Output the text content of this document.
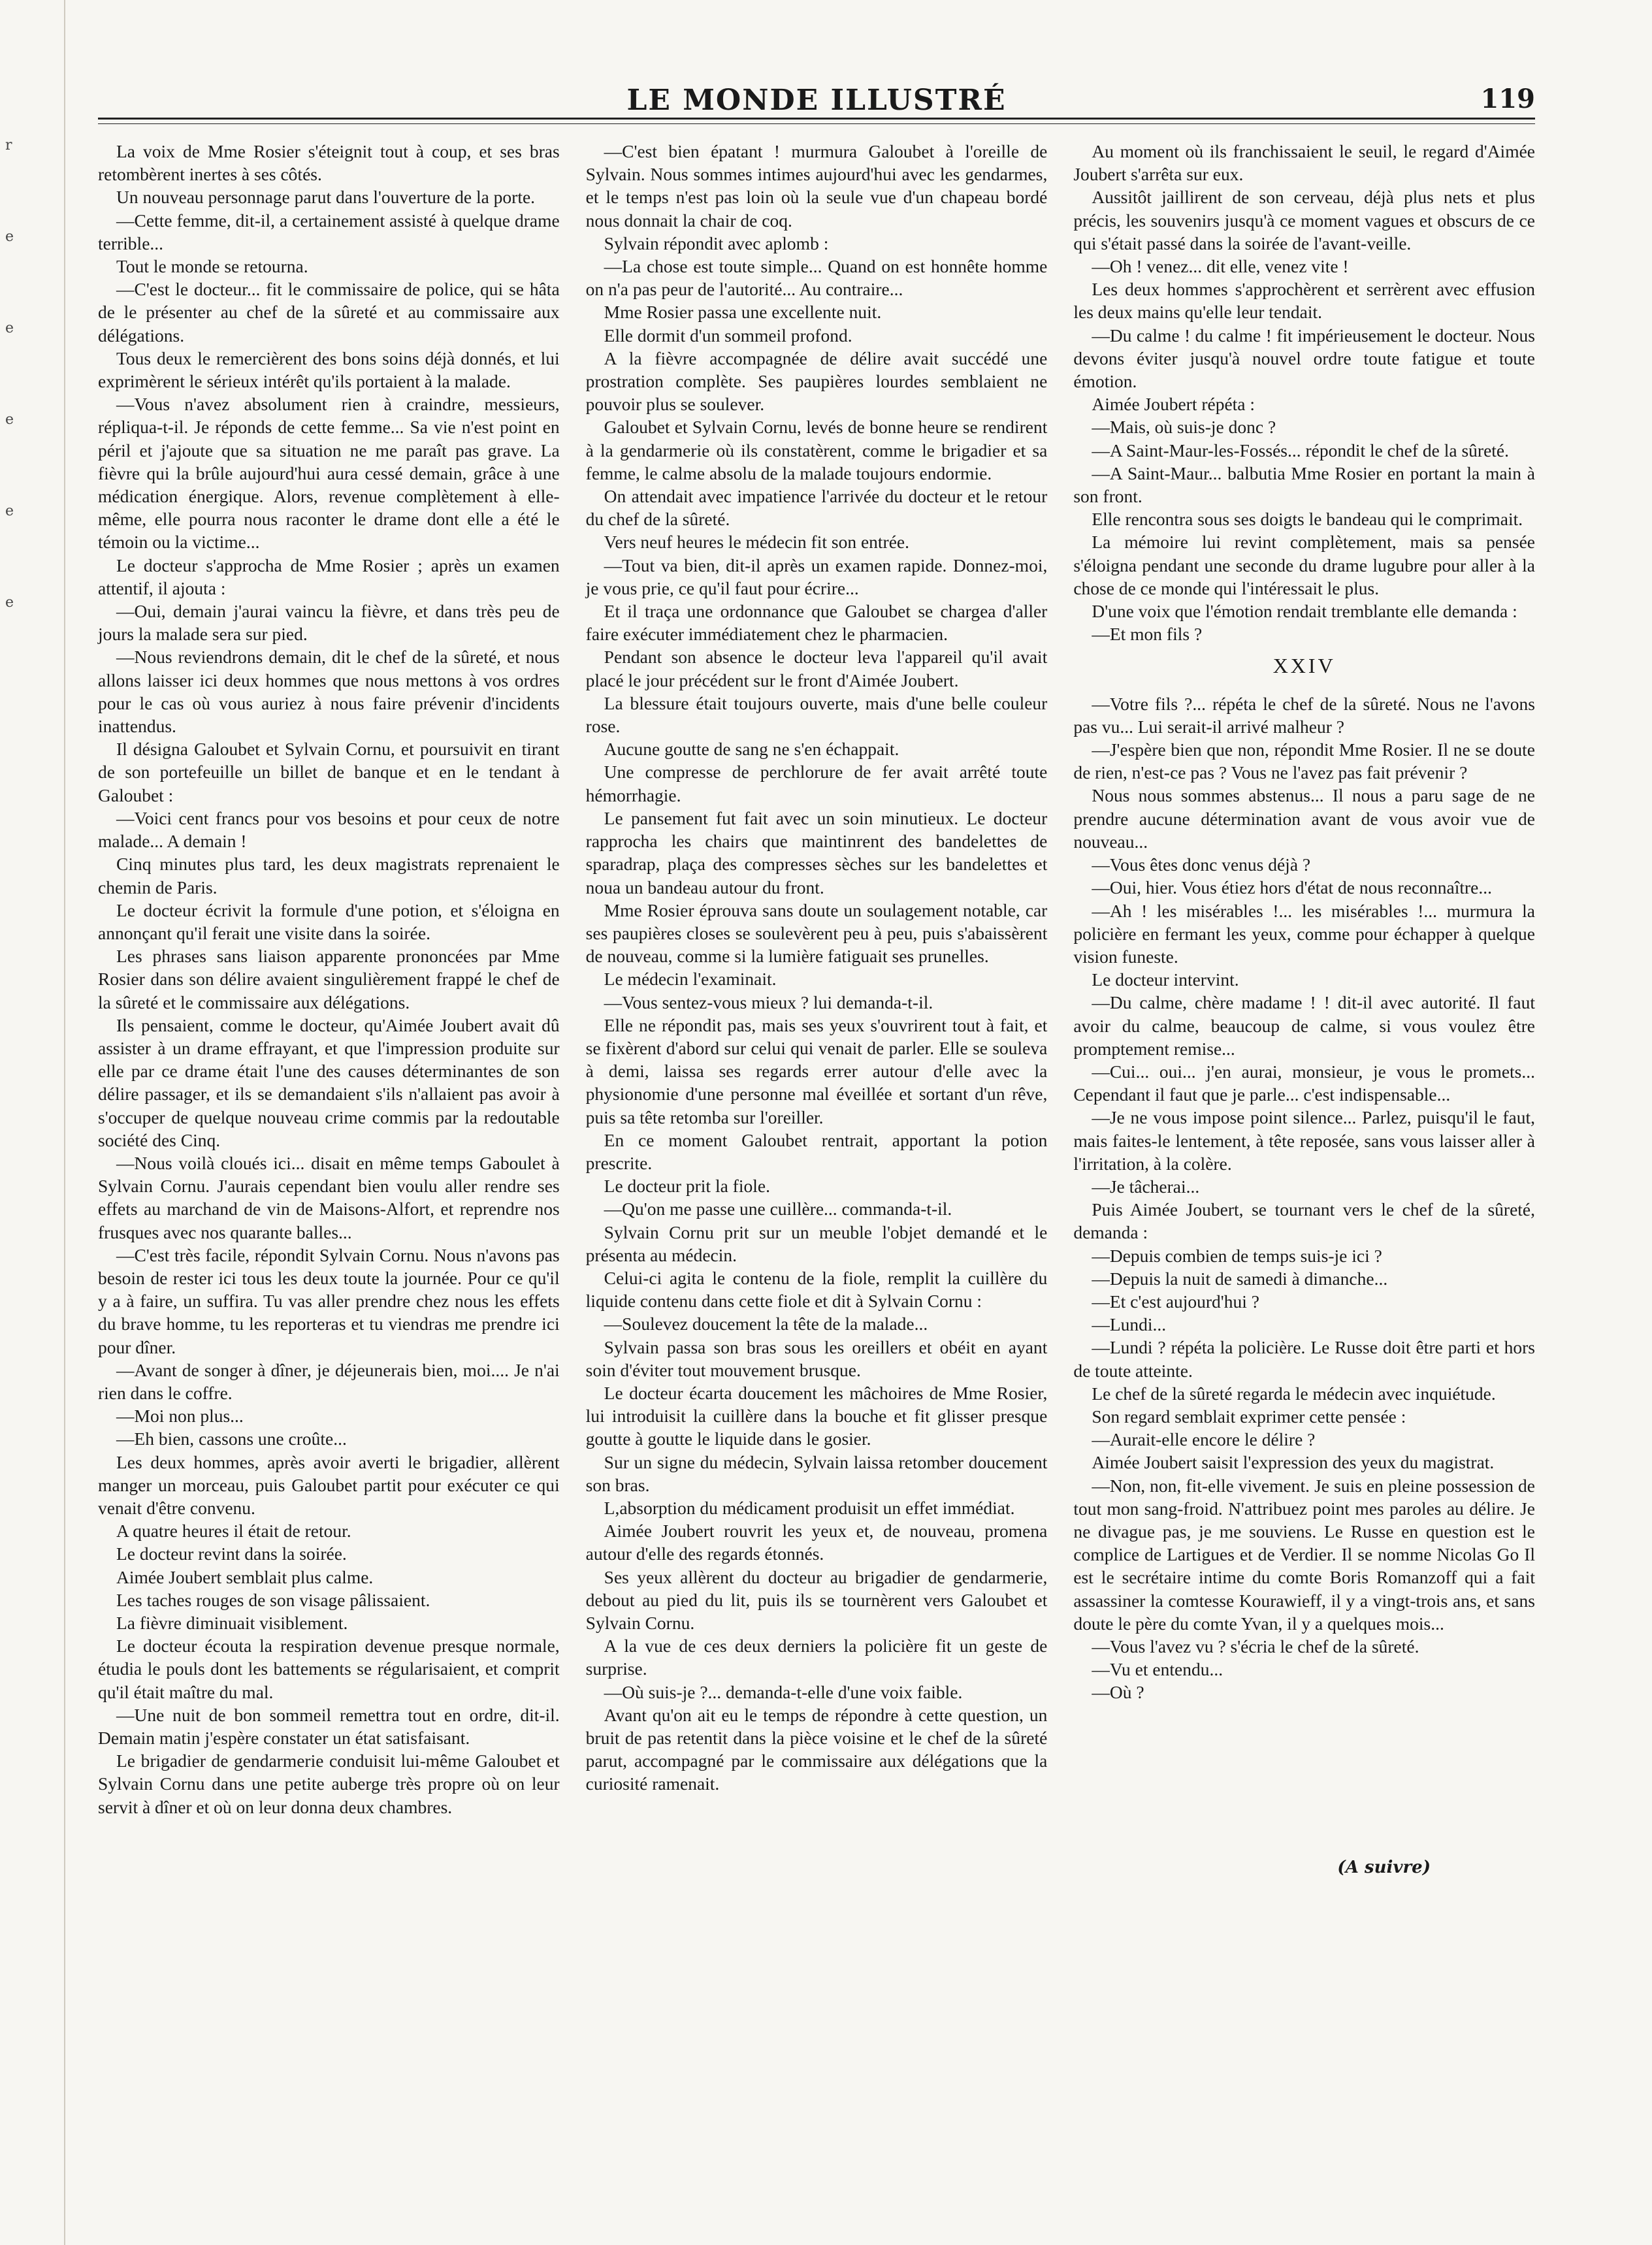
r
e
e
e
e
e
LE MONDE ILLUSTRÉ	119

La voix de Mme Rosier s'éteignit tout à coup, et ses bras retombèrent inertes à ses côtés.

Un nouveau personnage parut dans l'ouverture de la porte.

—Cette femme, dit-il, a certainement assisté à quelque drame terrible...

Tout le monde se retourna.

—C'est le docteur... fit le commissaire de police, qui se hâta de le présenter au chef de la sûreté et au commissaire aux délégations.

Tous deux le remercièrent des bons soins déjà donnés, et lui exprimèrent le sérieux intérêt qu'ils portaient à la malade.

—Vous n'avez absolument rien à craindre, messieurs, répliqua-t-il. Je réponds de cette femme... Sa vie n'est point en péril et j'ajoute que sa situation ne me paraît pas grave. La fièvre qui la brûle aujourd'hui aura cessé demain, grâce à une médication énergique. Alors, revenue complètement à elle-même, elle pourra nous raconter le drame dont elle a été le témoin ou la victime...

Le docteur s'approcha de Mme Rosier ; après un examen attentif, il ajouta :

—Oui, demain j'aurai vaincu la fièvre, et dans très peu de jours la malade sera sur pied.

—Nous reviendrons demain, dit le chef de la sûreté, et nous allons laisser ici deux hommes que nous mettons à vos ordres pour le cas où vous auriez à nous faire prévenir d'incidents inattendus.

Il désigna Galoubet et Sylvain Cornu, et poursuivit en tirant de son portefeuille un billet de banque et en le tendant à Galoubet :

—Voici cent francs pour vos besoins et pour ceux de notre malade... A demain !

Cinq minutes plus tard, les deux magistrats reprenaient le chemin de Paris.

Le docteur écrivit la formule d'une potion, et s'éloigna en annonçant qu'il ferait une visite dans la soirée.

Les phrases sans liaison apparente prononcées par Mme Rosier dans son délire avaient singulièrement frappé le chef de la sûreté et le commissaire aux délégations.

Ils pensaient, comme le docteur, qu'Aimée Joubert avait dû assister à un drame effrayant, et que l'impression produite sur elle par ce drame était l'une des causes déterminantes de son délire passager, et ils se demandaient s'ils n'allaient pas avoir à s'occuper de quelque nouveau crime commis par la redoutable société des Cinq.

—Nous voilà cloués ici... disait en même temps Gaboulet à Sylvain Cornu. J'aurais cependant bien voulu aller rendre ses effets au marchand de vin de Maisons-Alfort, et reprendre nos frusques avec nos quarante balles...

—C'est très facile, répondit Sylvain Cornu. Nous n'avons pas besoin de rester ici tous les deux toute la journée. Pour ce qu'il y a à faire, un suffira. Tu vas aller prendre chez nous les effets du brave homme, tu les reporteras et tu viendras me prendre ici pour dîner.

—Avant de songer à dîner, je déjeunerais bien, moi.... Je n'ai rien dans le coffre.

—Moi non plus...

—Eh bien, cassons une croûte...

Les deux hommes, après avoir averti le brigadier, allèrent manger un morceau, puis Galoubet partit pour exécuter ce qui venait d'être convenu.

A quatre heures il était de retour.

Le docteur revint dans la soirée.

Aimée Joubert semblait plus calme.

Les taches rouges de son visage pâlissaient.

La fièvre diminuait visiblement.

Le docteur écouta la respiration devenue presque normale, étudia le pouls dont les battements se régularisaient, et comprit qu'il était maître du mal.

—Une nuit de bon sommeil remettra tout en ordre, dit-il. Demain matin j'espère constater un état satisfaisant.

Le brigadier de gendarmerie conduisit lui-même Galoubet et Sylvain Cornu dans une petite auberge très propre où on leur servit à dîner et où on leur donna deux chambres.

—C'est bien épatant ! murmura Galoubet à l'oreille de Sylvain. Nous sommes intimes aujourd'hui avec les gendarmes, et le temps n'est pas loin où la seule vue d'un chapeau bordé nous donnait la chair de coq.

Sylvain répondit avec aplomb :

—La chose est toute simple... Quand on est honnête homme on n'a pas peur de l'autorité... Au contraire...

Mme Rosier passa une excellente nuit.

Elle dormit d'un sommeil profond.

A la fièvre accompagnée de délire avait succédé une prostration complète. Ses paupières lourdes semblaient ne pouvoir plus se soulever.

Galoubet et Sylvain Cornu, levés de bonne heure se rendirent à la gendarmerie où ils constatèrent, comme le brigadier et sa femme, le calme absolu de la malade toujours endormie.

On attendait avec impatience l'arrivée du docteur et le retour du chef de la sûreté.

Vers neuf heures le médecin fit son entrée.

—Tout va bien, dit-il après un examen rapide. Donnez-moi, je vous prie, ce qu'il faut pour écrire...

Et il traça une ordonnance que Galoubet se chargea d'aller faire exécuter immédiatement chez le pharmacien.

Pendant son absence le docteur leva l'appareil qu'il avait placé le jour précédent sur le front d'Aimée Joubert.

La blessure était toujours ouverte, mais d'une belle couleur rose.

Aucune goutte de sang ne s'en échappait.

Une compresse de perchlorure de fer avait arrêté toute hémorrhagie.

Le pansement fut fait avec un soin minutieux. Le docteur rapprocha les chairs que maintinrent des bandelettes de sparadrap, plaça des compresses sèches sur les bandelettes et noua un bandeau autour du front.

Mme Rosier éprouva sans doute un soulagement notable, car ses paupières closes se soulevèrent peu à peu, puis s'abaissèrent de nouveau, comme si la lumière fatiguait ses prunelles.

Le médecin l'examinait.

—Vous sentez-vous mieux ? lui demanda-t-il.

Elle ne répondit pas, mais ses yeux s'ouvrirent tout à fait, et se fixèrent d'abord sur celui qui venait de parler. Elle se souleva à demi, laissa ses regards errer autour d'elle avec la physionomie d'une personne mal éveillée et sortant d'un rêve, puis sa tête retomba sur l'oreiller.

En ce moment Galoubet rentrait, apportant la potion prescrite.

Le docteur prit la fiole.

—Qu'on me passe une cuillère... commanda-t-il.

Sylvain Cornu prit sur un meuble l'objet demandé et le présenta au médecin.

Celui-ci agita le contenu de la fiole, remplit la cuillère du liquide contenu dans cette fiole et dit à Sylvain Cornu :

—Soulevez doucement la tête de la malade...

Sylvain passa son bras sous les oreillers et obéit en ayant soin d'éviter tout mouvement brusque.

Le docteur écarta doucement les mâchoires de Mme Rosier, lui introduisit la cuillère dans la bouche et fit glisser presque goutte à goutte le liquide dans le gosier.

Sur un signe du médecin, Sylvain laissa retomber doucement son bras.

L,absorption du médicament produisit un effet immédiat.

Aimée Joubert rouvrit les yeux et, de nouveau, promena autour d'elle des regards étonnés.

Ses yeux allèrent du docteur au brigadier de gendarmerie, debout au pied du lit, puis ils se tournèrent vers Galoubet et Sylvain Cornu.

A la vue de ces deux derniers la policière fit un geste de surprise.

—Où suis-je ?... demanda-t-elle d'une voix faible.

Avant qu'on ait eu le temps de répondre à cette question, un bruit de pas retentit dans la pièce voisine et le chef de la sûreté parut, accompagné par le commissaire aux délégations que la curiosité ramenait.

Au moment où ils franchissaient le seuil, le regard d'Aimée Joubert s'arrêta sur eux.

Aussitôt jaillirent de son cerveau, déjà plus nets et plus précis, les souvenirs jusqu'à ce moment vagues et obscurs de ce qui s'était passé dans la soirée de l'avant-veille.

—Oh ! venez... dit elle, venez vite !

Les deux hommes s'approchèrent et serrèrent avec effusion les deux mains qu'elle leur tendait.

—Du calme ! du calme ! fit impérieusement le docteur. Nous devons éviter jusqu'à nouvel ordre toute fatigue et toute émotion.

Aimée Joubert répéta :

—Mais, où suis-je donc ?

—A Saint-Maur-les-Fossés... répondit le chef de la sûreté.

—A Saint-Maur... balbutia Mme Rosier en portant la main à son front.

Elle rencontra sous ses doigts le bandeau qui le comprimait.

La mémoire lui revint complètement, mais sa pensée s'éloigna pendant une seconde du drame lugubre pour aller à la chose de ce monde qui l'intéressait le plus.

D'une voix que l'émotion rendait tremblante elle demanda :

—Et mon fils ?

XXIV

—Votre fils ?... répéta le chef de la sûreté. Nous ne l'avons pas vu... Lui serait-il arrivé malheur ?

—J'espère bien que non, répondit Mme Rosier. Il ne se doute de rien, n'est-ce pas ? Vous ne l'avez pas fait prévenir ?

Nous nous sommes abstenus... Il nous a paru sage de ne prendre aucune détermination avant de vous avoir vue de nouveau...

—Vous êtes donc venus déjà ?

—Oui, hier. Vous étiez hors d'état de nous reconnaître...

—Ah ! les misérables !... les misérables !... murmura la policière en fermant les yeux, comme pour échapper à quelque vision funeste.

Le docteur intervint.

—Du calme, chère madame ! ! dit-il avec autorité. Il faut avoir du calme, beaucoup de calme, si vous voulez être promptement remise...

—Cui... oui... j'en aurai, monsieur, je vous le promets... Cependant il faut que je parle... c'est indispensable...

—Je ne vous impose point silence... Parlez, puisqu'il le faut, mais faites-le lentement, à tête reposée, sans vous laisser aller à l'irritation, à la colère.

—Je tâcherai...

Puis Aimée Joubert, se tournant vers le chef de la sûreté, demanda :

—Depuis combien de temps suis-je ici ?

—Depuis la nuit de samedi à dimanche...

—Et c'est aujourd'hui ?

—Lundi...

—Lundi ? répéta la policière. Le Russe doit être parti et hors de toute atteinte.

Le chef de la sûreté regarda le médecin avec inquiétude.

Son regard semblait exprimer cette pensée :

—Aurait-elle encore le délire ?

Aimée Joubert saisit l'expression des yeux du magistrat.

—Non, non, fit-elle vivement. Je suis en pleine possession de tout mon sang-froid. N'attribuez point mes paroles au délire. Je ne divague pas, je me souviens. Le Russe en question est le complice de Lartigues et de Verdier. Il se nomme Nicolas Go Il est le secrétaire intime du comte Boris Romanzoff qui a fait assassiner la comtesse Kourawieff, il y a vingt-trois ans, et sans doute le père du comte Yvan, il y a quelques mois...

—Vous l'avez vu ? s'écria le chef de la sûreté.

—Vu et entendu...

—Où ?

(A suivre)
